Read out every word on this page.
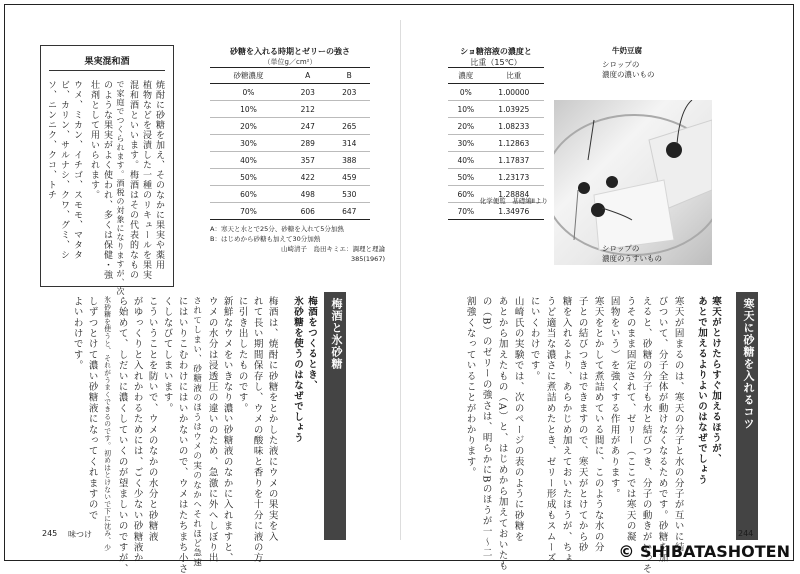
果実混和酒
焼酎に砂糖を加え、そのなかに果実や薬用
植物などを浸漬した一種のリキュールを果実
混和酒といいます。梅酒はその代表的なもの
で家庭でつくられます。酒税の対象になりますが、次
のような果実がよく使われ、多くは保健・強
壮剤として用いられます。
ウメ、ミカン、イチゴ、スモモ、マタタ
ビ、カリン、サルナシ、クワ、グミ、シ
ソ、ニンニク、クコ、トチ
砂糖を入れる時期とゼリーの強さ
（単位g／cm²）
砂糖濃度	A	B
0%	203	203
10%	212	
20%	247	265
30%	289	314
40%	357	388
50%	422	459
60%	498	530
70%	606	647
A：寒天と水とで25分、砂糖を入れて5分加熱
B：はじめから砂糖も加えて30分加熱
山崎清子　島田キミエ：調理と理論
385(1967)
ショ糖溶液の濃度と
比重（15℃）
濃度	比重
0%	1.00000
10%	1.03925
20%	1.08233
30%	1.12863
40%	1.17837
50%	1.23173
60%	1.28884
70%	1.34976
化学便覧　基礎編Ⅱより
牛奶豆腐
シロップの
濃度の濃いもの
シロップの
濃度のうすいもの
梅酒と氷砂糖
梅酒をつくるとき、
氷砂糖を使うのはなぜでしょう
梅酒は、焼酎に砂糖をとかした液にウメの果実を入
れて長い期間保存し、ウメの酸味と香りを十分に液の方
に引き出したものです。
新鮮なウメをいきなり濃い砂糖液のなかに入れますと、
ウメの水分は浸透圧の違いのため、急激に外へしぼり出
されてしまい、砂糖液のほうはウメの実のなかへそれほど急速
にはいりこむわけにはいかないので、ウメはたちまち小さ
くしなびてしまいます。
こういうことを防いで、ウメのなかの水分と砂糖液
がゆっくりと入れかわるためには、ごく少ない砂糖液か
ら始めて、しだいに濃くしていくのが望ましいのですが、
氷砂糖を使うと、それがうまくできるのです。初めはとけないで下に沈み、少
しずつとけて濃い砂糖液になってくれますので
よいわけです。
245 味つけ
寒天に砂糖を入れるコツ
寒天がとけたらすぐ加えるほうが、
あとで加えるよりよいのはなぜでしょう
寒天が固まるのは、寒天の分子と水の分子が互いに結
びついて、分子全体が動けなくなるためです。砂糖を加
えると、砂糖の分子も水と結びつき、分子の動きがいっそ
うそのまま固定されて、ゼリー（ここでは寒天の凝
固物をいう）を強くする作用があります。
寒天をとかして煮詰めている間に、このような水の分
子との結びつきはできますので、寒天がとけてから砂
糖を入れるより、あらかじめ加えておいたほうが、ちょ
うど適当な濃さに煮詰めたとき、ゼリー形成もスムーズ
にいくわけです。
山崎氏の実験では、次のページの表のように砂糖を
あとから加えたもの（A）と、はじめから加えておいたも
の（B）のゼリーの強さは、明らかにBのほうが一～二
割強くなっていることがわかります。
244
© SHIBATASHOTEN
